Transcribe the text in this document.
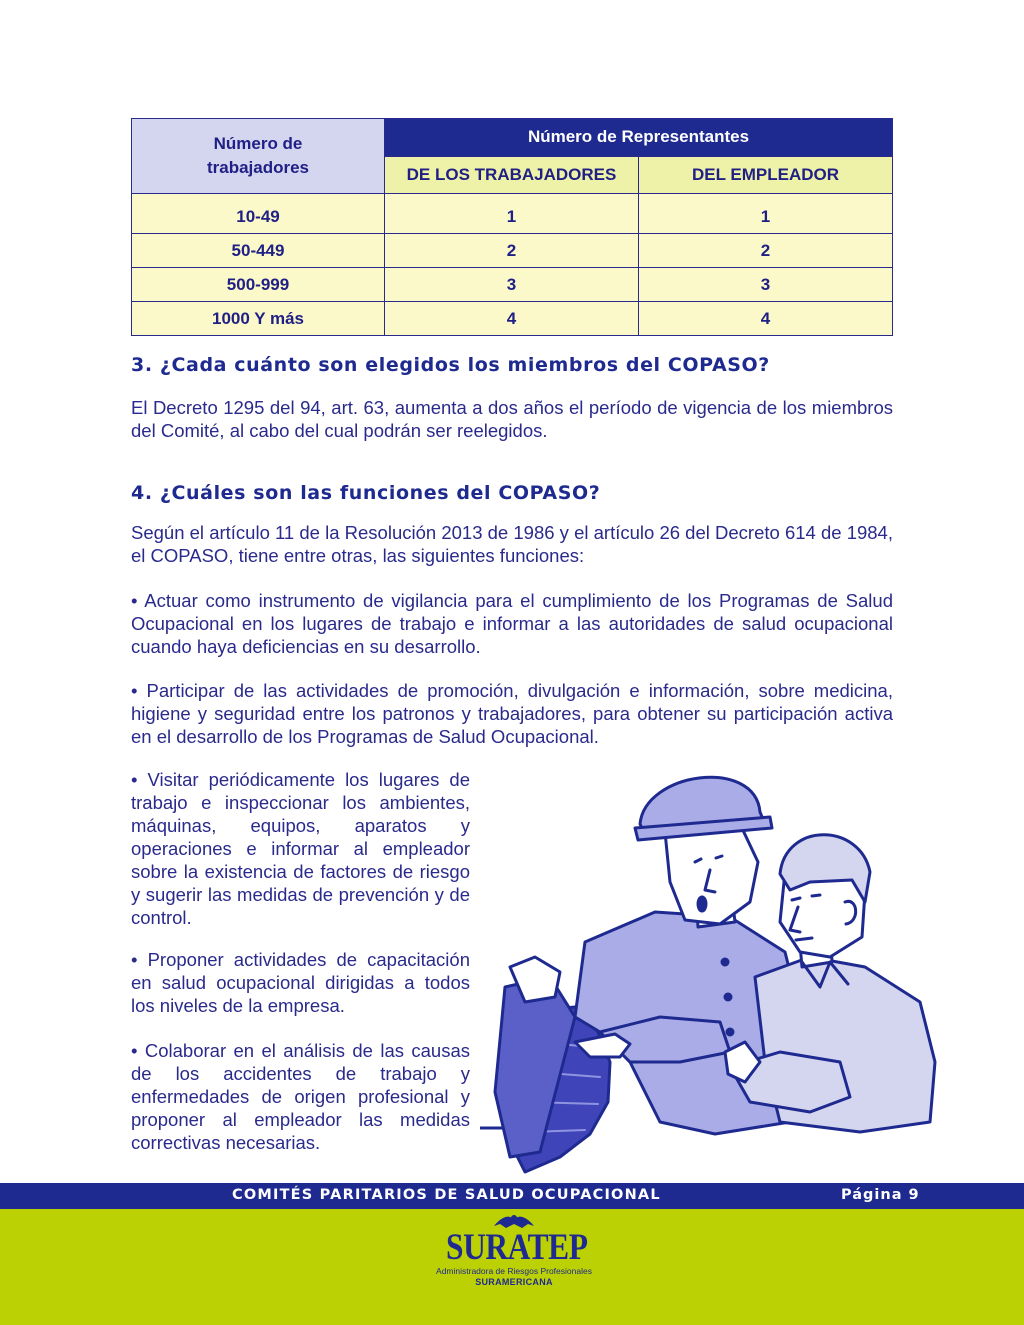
Número de trabajadores	Número de Representantes	
	DE LOS TRABAJADORES	DEL EMPLEADOR

10-49	1	1
50-449	2	2
500-999	3	3
1000 Y más	4	4
3. ¿Cada cuánto son elegidos los miembros del COPASO?

El Decreto 1295 del 94, art. 63, aumenta a dos años el período de vigencia de los miembros del Comité, al cabo del cual podrán ser reelegidos.

4. ¿Cuáles son las funciones del COPASO?

Según el artículo 11 de la Resolución 2013 de 1986 y el artículo 26 del Decreto 614 de 1984, el COPASO, tiene entre otras, las siguientes funciones:

• Actuar como instrumento de vigilancia para el cumplimiento de los Programas de Salud Ocupacional en los lugares de trabajo e informar a las autoridades de salud ocupacional cuando haya deficiencias en su desarrollo.

• Participar de las actividades de promoción, divulgación e información, sobre medicina, higiene y seguridad entre los patronos y trabajadores, para obtener su participación activa en el desarrollo de los Programas de Salud Ocupacional.

• Visitar periódicamente los lugares de trabajo e inspeccionar los ambientes, máquinas, equipos, aparatos y operaciones e informar al empleador sobre la existencia de factores de riesgo y sugerir las medidas de prevención y de control.

• Proponer actividades de capacitación en salud ocupacional dirigidas a todos los niveles de la empresa.

• Colaborar en el análisis de las causas de los accidentes de trabajo y enfermedades de origen profesional y proponer al empleador las medidas correctivas necesarias.

COMITÉS PARITARIOS DE SALUD OCUPACIONAL	Página 9
SURATEP
Administradora de Riesgos Profesionales
SURAMERICANA
